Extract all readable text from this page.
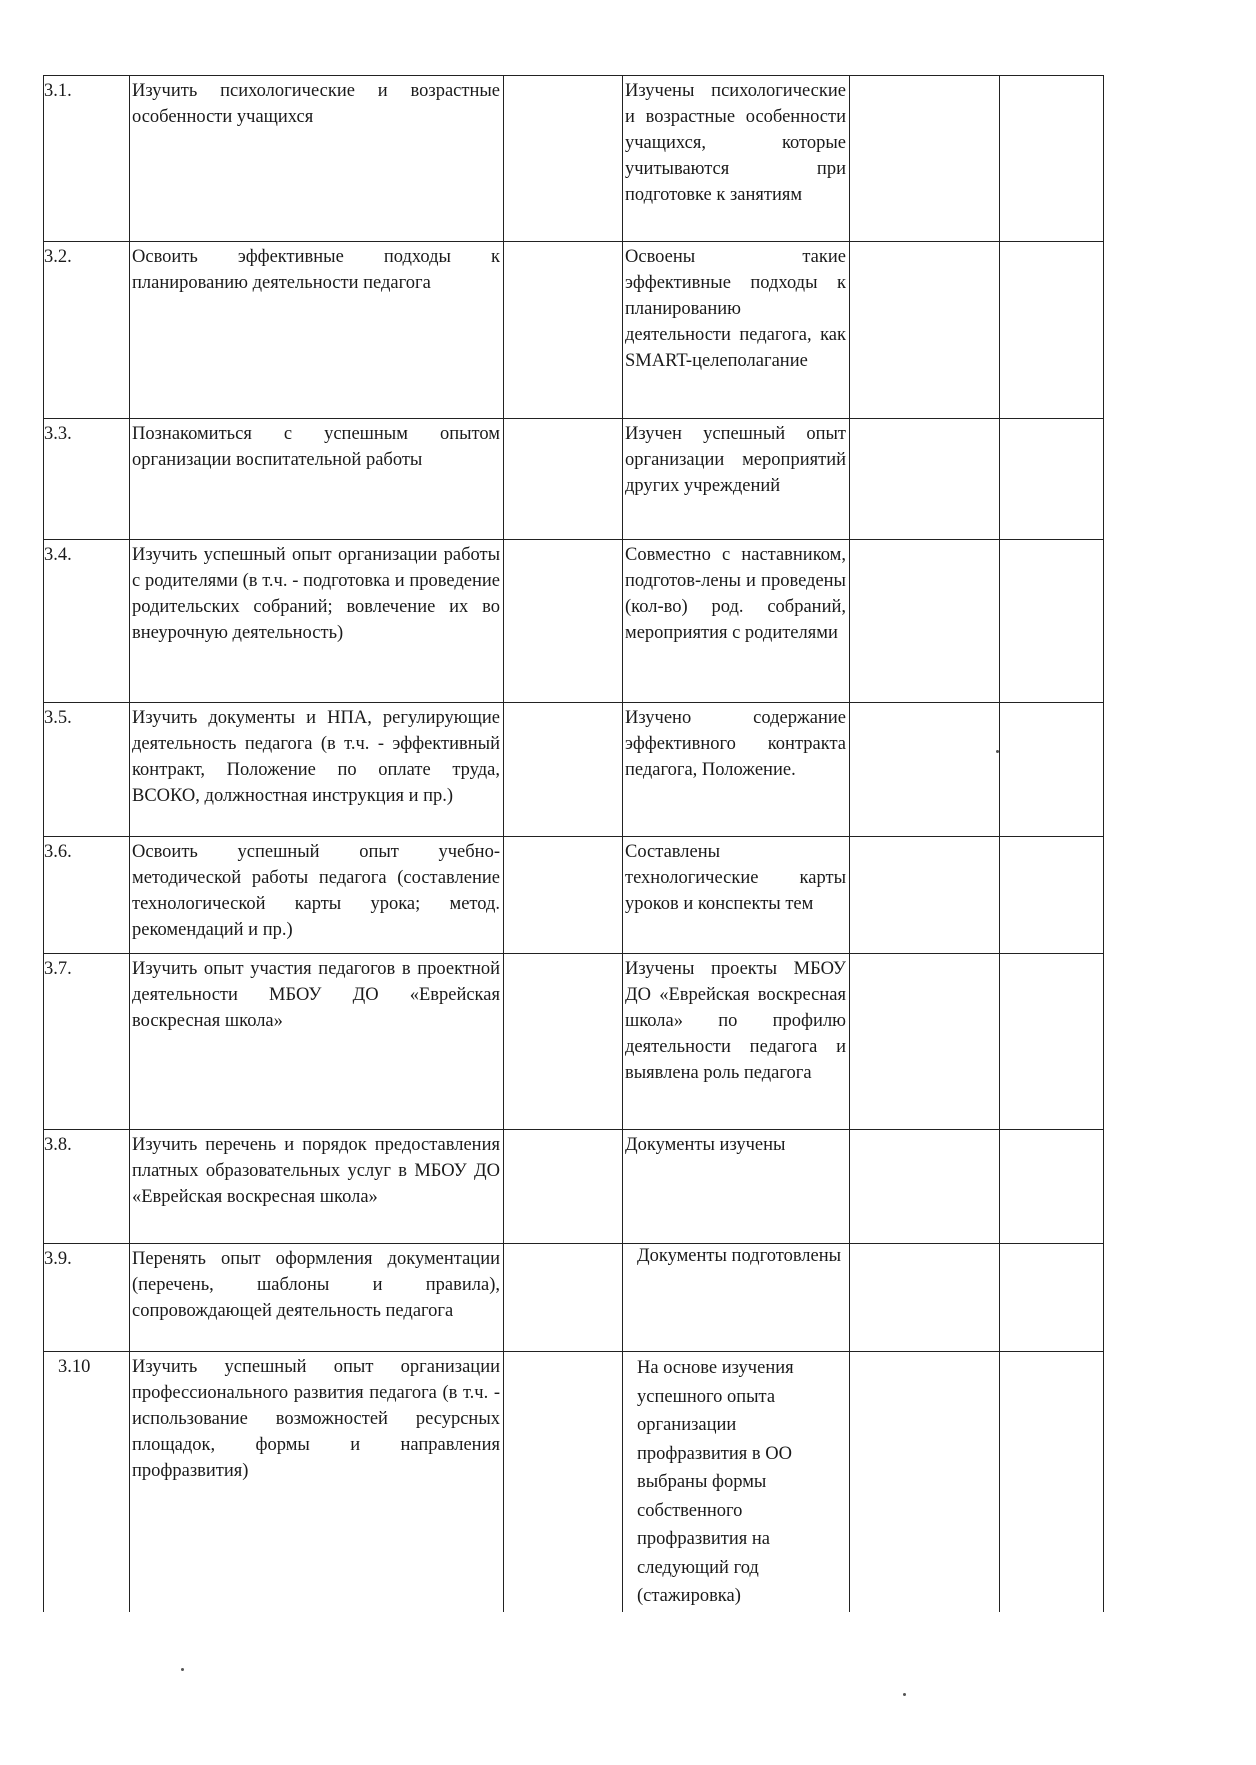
3.1.	Изучить психологические и возрастные особенности учащихся		Изучены психологические и возрастные особенности учащихся, которые учитываются при подготовке к занятиям		
3.2.	Освоить эффективные подходы к планированию деятельности педагога		Освоены такие эффективные подходы к планированию деятельности педагога, как SMART-целеполагание		
3.3.	Познакомиться с успешным опытом организации воспитательной работы		Изучен успешный опыт организации мероприятий других учреждений		
3.4.	Изучить успешный опыт организации работы с родителями (в т.ч. - подготовка и проведение родительских собраний; вовлечение их во внеурочную деятельность)		Совместно с наставником, подготов-лены и проведены (кол-во) род. собраний, мероприятия с родителями		
3.5.	Изучить документы и НПА, регулирующие деятельность педагога (в т.ч. - эффективный контракт, Положение по оплате труда, ВСОКО, должностная инструкция и пр.)		Изучено содержание эффективного контракта педагога, Положение.		
3.6.	Освоить успешный опыт учебно-методической работы педагога (составление технологической карты урока; метод. рекомендаций и пр.)		Составлены технологические карты уроков и конспекты тем		
3.7.	Изучить опыт участия педагогов в проектной деятельности МБОУ ДО «Еврейская воскресная школа»		Изучены проекты МБОУ ДО «Еврейская воскресная школа» по профилю деятельности педагога и выявлена роль педагога		
3.8.	Изучить перечень и порядок предоставления платных образовательных услуг в МБОУ ДО «Еврейская воскресная школа»		Документы изучены		
3.9.	Перенять опыт оформления документации (перечень, шаблоны и правила), сопровождающей деятельность педагога		Документы подготовлены		
3.10	Изучить успешный опыт организации профессионального развития педагога (в т.ч. - использование возможностей ресурсных площадок, формы и направления профразвития)		На основе изучения успешного опыта организации профразвития в ОО выбраны формы собственного профразвития на следующий год (стажировка)		
